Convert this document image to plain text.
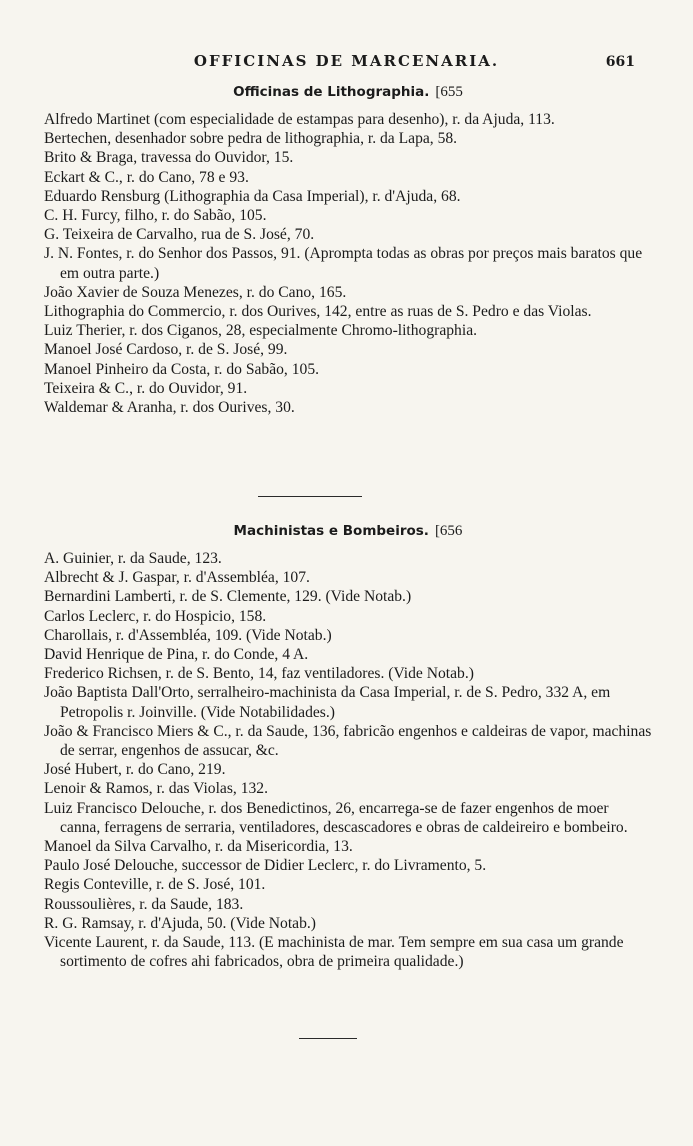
OFFICINAS DE MARCENARIA.	661
Officinas de Lithographia. [655

Alfredo Martinet (com especialidade de estampas para desenho), r. da Ajuda, 113.

Bertechen, desenhador sobre pedra de lithographia, r. da Lapa, 58.

Brito & Braga, travessa do Ouvidor, 15.

Eckart & C., r. do Cano, 78 e 93.

Eduardo Rensburg (Lithographia da Casa Imperial), r. d'Ajuda, 68.

C. H. Furcy, filho, r. do Sabão, 105.

G. Teixeira de Carvalho, rua de S. José, 70.

J. N. Fontes, r. do Senhor dos Passos, 91. (Aprompta todas as obras por preços mais baratos que em outra parte.)

João Xavier de Souza Menezes, r. do Cano, 165.

Lithographia do Commercio, r. dos Ourives, 142, entre as ruas de S. Pedro e das Violas.

Luiz Therier, r. dos Ciganos, 28, especialmente Chromo-lithographia.

Manoel José Cardoso, r. de S. José, 99.

Manoel Pinheiro da Costa, r. do Sabão, 105.

Teixeira & C., r. do Ouvidor, 91.

Waldemar & Aranha, r. dos Ourives, 30.

Machinistas e Bombeiros. [656

A. Guinier, r. da Saude, 123.

Albrecht & J. Gaspar, r. d'Assembléa, 107.

Bernardini Lamberti, r. de S. Clemente, 129. (Vide Notab.)

Carlos Leclerc, r. do Hospicio, 158.

Charollais, r. d'Assembléa, 109. (Vide Notab.)

David Henrique de Pina, r. do Conde, 4 A.

Frederico Richsen, r. de S. Bento, 14, faz ventiladores. (Vide Notab.)

João Baptista Dall'Orto, serralheiro-machinista da Casa Imperial, r. de S. Pedro, 332 A, em Petropolis r. Joinville. (Vide Notabilidades.)

João & Francisco Miers & C., r. da Saude, 136, fabricão engenhos e caldeiras de vapor, machinas de serrar, engenhos de assucar, &c.

José Hubert, r. do Cano, 219.

Lenoir & Ramos, r. das Violas, 132.

Luiz Francisco Delouche, r. dos Benedictinos, 26, encarrega-se de fazer engenhos de moer canna, ferragens de serraria, ventiladores, descascadores e obras de caldeireiro e bombeiro.

Manoel da Silva Carvalho, r. da Misericordia, 13.

Paulo José Delouche, successor de Didier Leclerc, r. do Livramento, 5.

Regis Conteville, r. de S. José, 101.

Roussoulières, r. da Saude, 183.

R. G. Ramsay, r. d'Ajuda, 50. (Vide Notab.)

Vicente Laurent, r. da Saude, 113. (E machinista de mar. Tem sempre em sua casa um grande sortimento de cofres ahi fabricados, obra de primeira qualidade.)
